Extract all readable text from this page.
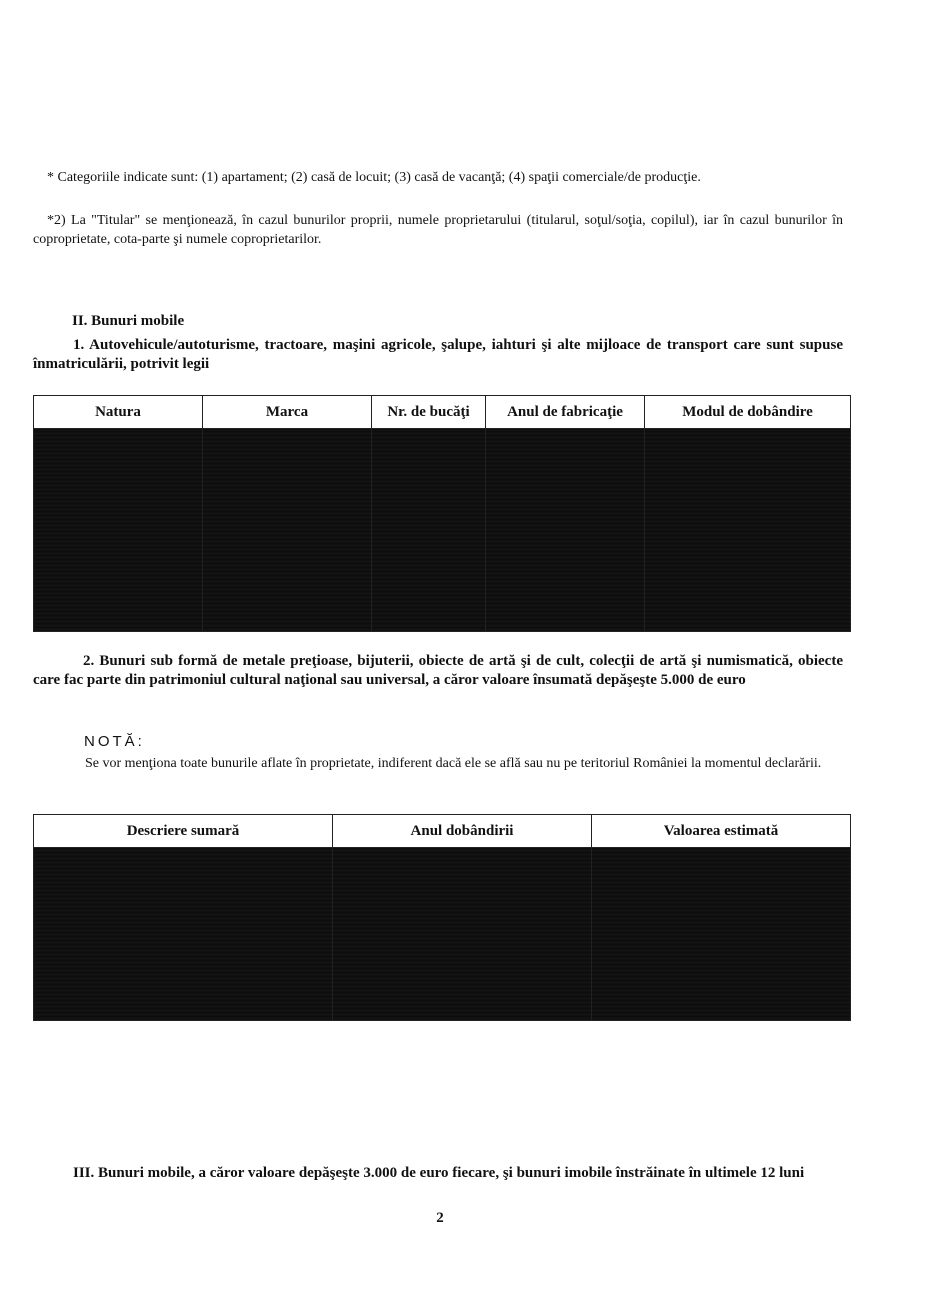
* Categoriile indicate sunt: (1) apartament; (2) casă de locuit; (3) casă de vacanţă; (4) spaţii comerciale/de producţie.
*2) La "Titular" se menţionează, în cazul bunurilor proprii, numele proprietarului (titularul, soţul/soţia, copilul), iar în cazul bunurilor în coproprietate, cota-parte şi numele coproprietarilor.
II. Bunuri mobile
1. Autovehicule/autoturisme, tractoare, maşini agricole, şalupe, iahturi şi alte mijloace de transport care sunt supuse înmatriculării, potrivit legii
Natura	Marca	Nr. de bucăţi	Anul de fabricaţie	Modul de dobândire

2. Bunuri sub formă de metale preţioase, bijuterii, obiecte de artă şi de cult, colecţii de artă şi numismatică, obiecte care fac parte din patrimoniul cultural naţional sau universal, a căror valoare însumată depăşeşte 5.000 de euro
NOTĂ:
Se vor menţiona toate bunurile aflate în proprietate, indiferent dacă ele se află sau nu pe teritoriul României la momentul declarării.
Descriere sumară	Anul dobândirii	Valoarea estimată

III. Bunuri mobile, a căror valoare depăşeşte 3.000 de euro fiecare, şi bunuri imobile înstrăinate în ultimele 12 luni
2
